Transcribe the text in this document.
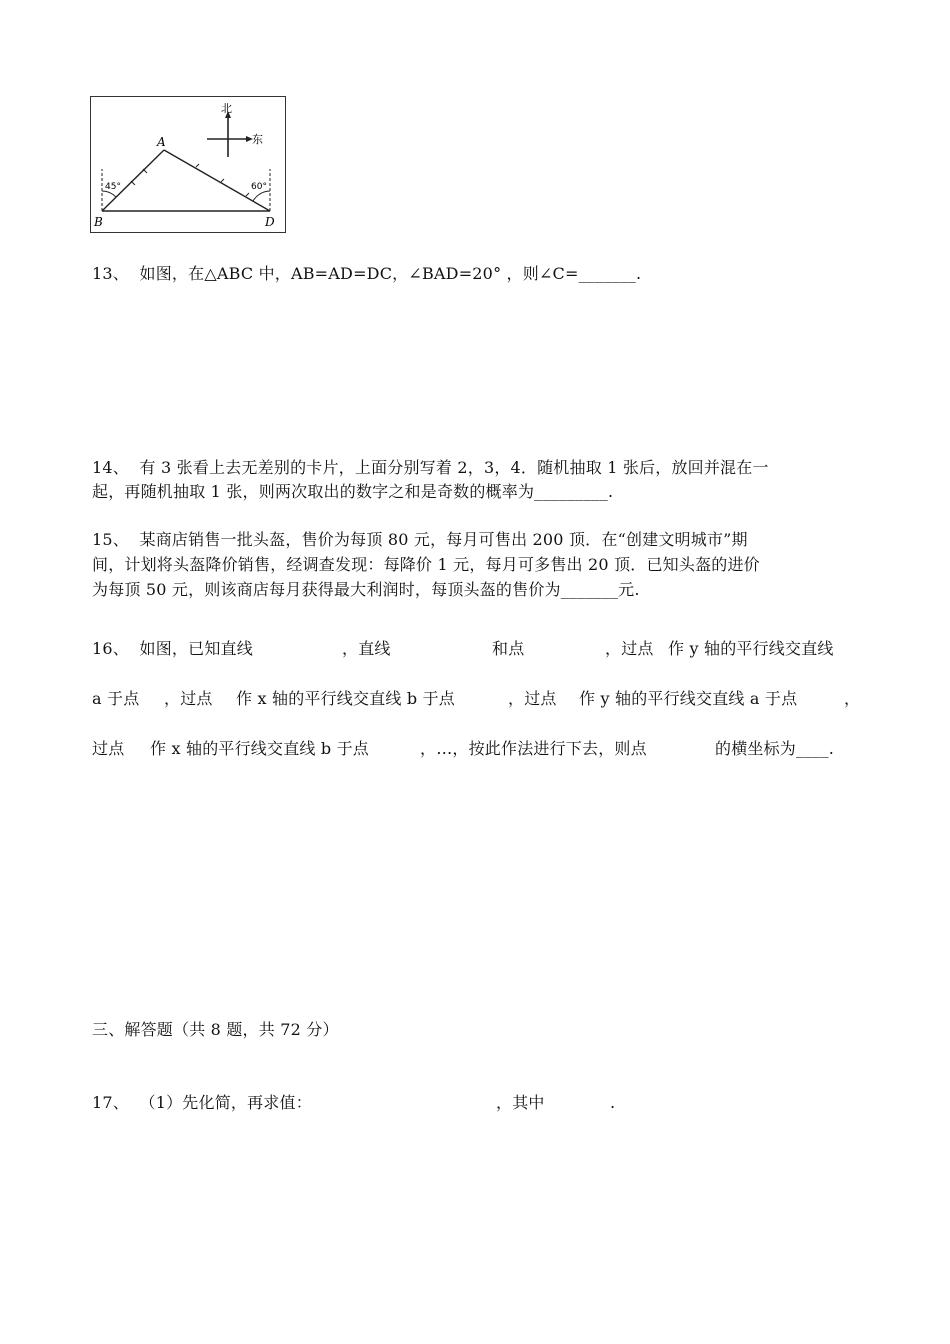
北
东
45°	60°
A
B	D
13、  如图，在△ABC 中，AB=AD=DC，∠BAD=20° ，则∠C=_______.
14、  有 3 张看上去无差别的卡片，上面分别写着 2，3，4．随机抽取 1 张后，放回并混在一
起，再随机抽取 1 张，则两次取出的数字之和是奇数的概率为_________.
15、  某商店销售一批头盔，售价为每顶 80 元，每月可售出 200 顶．在“创建文明城市”期
间，计划将头盔降价销售，经调查发现：每降价 1 元，每月可多售出 20 顶．已知头盔的进价
为每顶 50 元，则该商店每月获得最大利润时，每顶头盔的售价为_______元.

16、  如图，已知直线

	，直线

	和点

	，过点

作 y 轴的平行线交直线

a 于点

，过点

作 x 轴的平行线交直线 b 于点

	，过点

作 y 轴的平行线交直线 a 于点

	，

过点

作 x 轴的平行线交直线 b 于点

	，…，按此作法进行下去，则点

	的横坐标为____.

三、解答题（共 8 题，共 72 分）

17、  （1）先化简，再求值：

	，其中

	.
